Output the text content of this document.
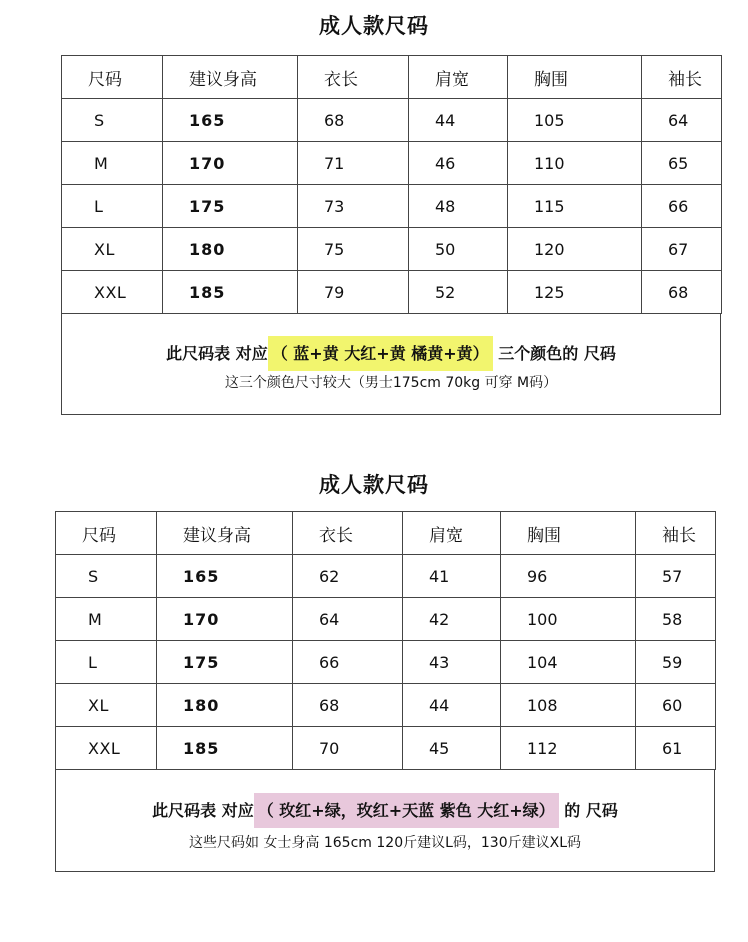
成人款尺码
尺码	建议身高	衣长	肩宽	胸围	袖长
S	165	68	44	105	64
M	170	71	46	110	65
L	175	73	48	115	66
XL	180	75	50	120	67
XXL	185	79	52	125	68
此尺码表 对应 （ 蓝+黄 大红+黄 橘黄+黄） 三个颜色的 尺码
这三个颜色尺寸较大（男士175cm 70kg 可穿 M码）
成人款尺码
尺码	建议身高	衣长	肩宽	胸围	袖长
S	165	62	41	96	57
M	170	64	42	100	58
L	175	66	43	104	59
XL	180	68	44	108	60
XXL	185	70	45	112	61
此尺码表 对应 （ 玫红+绿，玫红+天蓝 紫色 大红+绿） 的 尺码
这些尺码如 女士身高 165cm 120斤建议L码，130斤建议XL码
